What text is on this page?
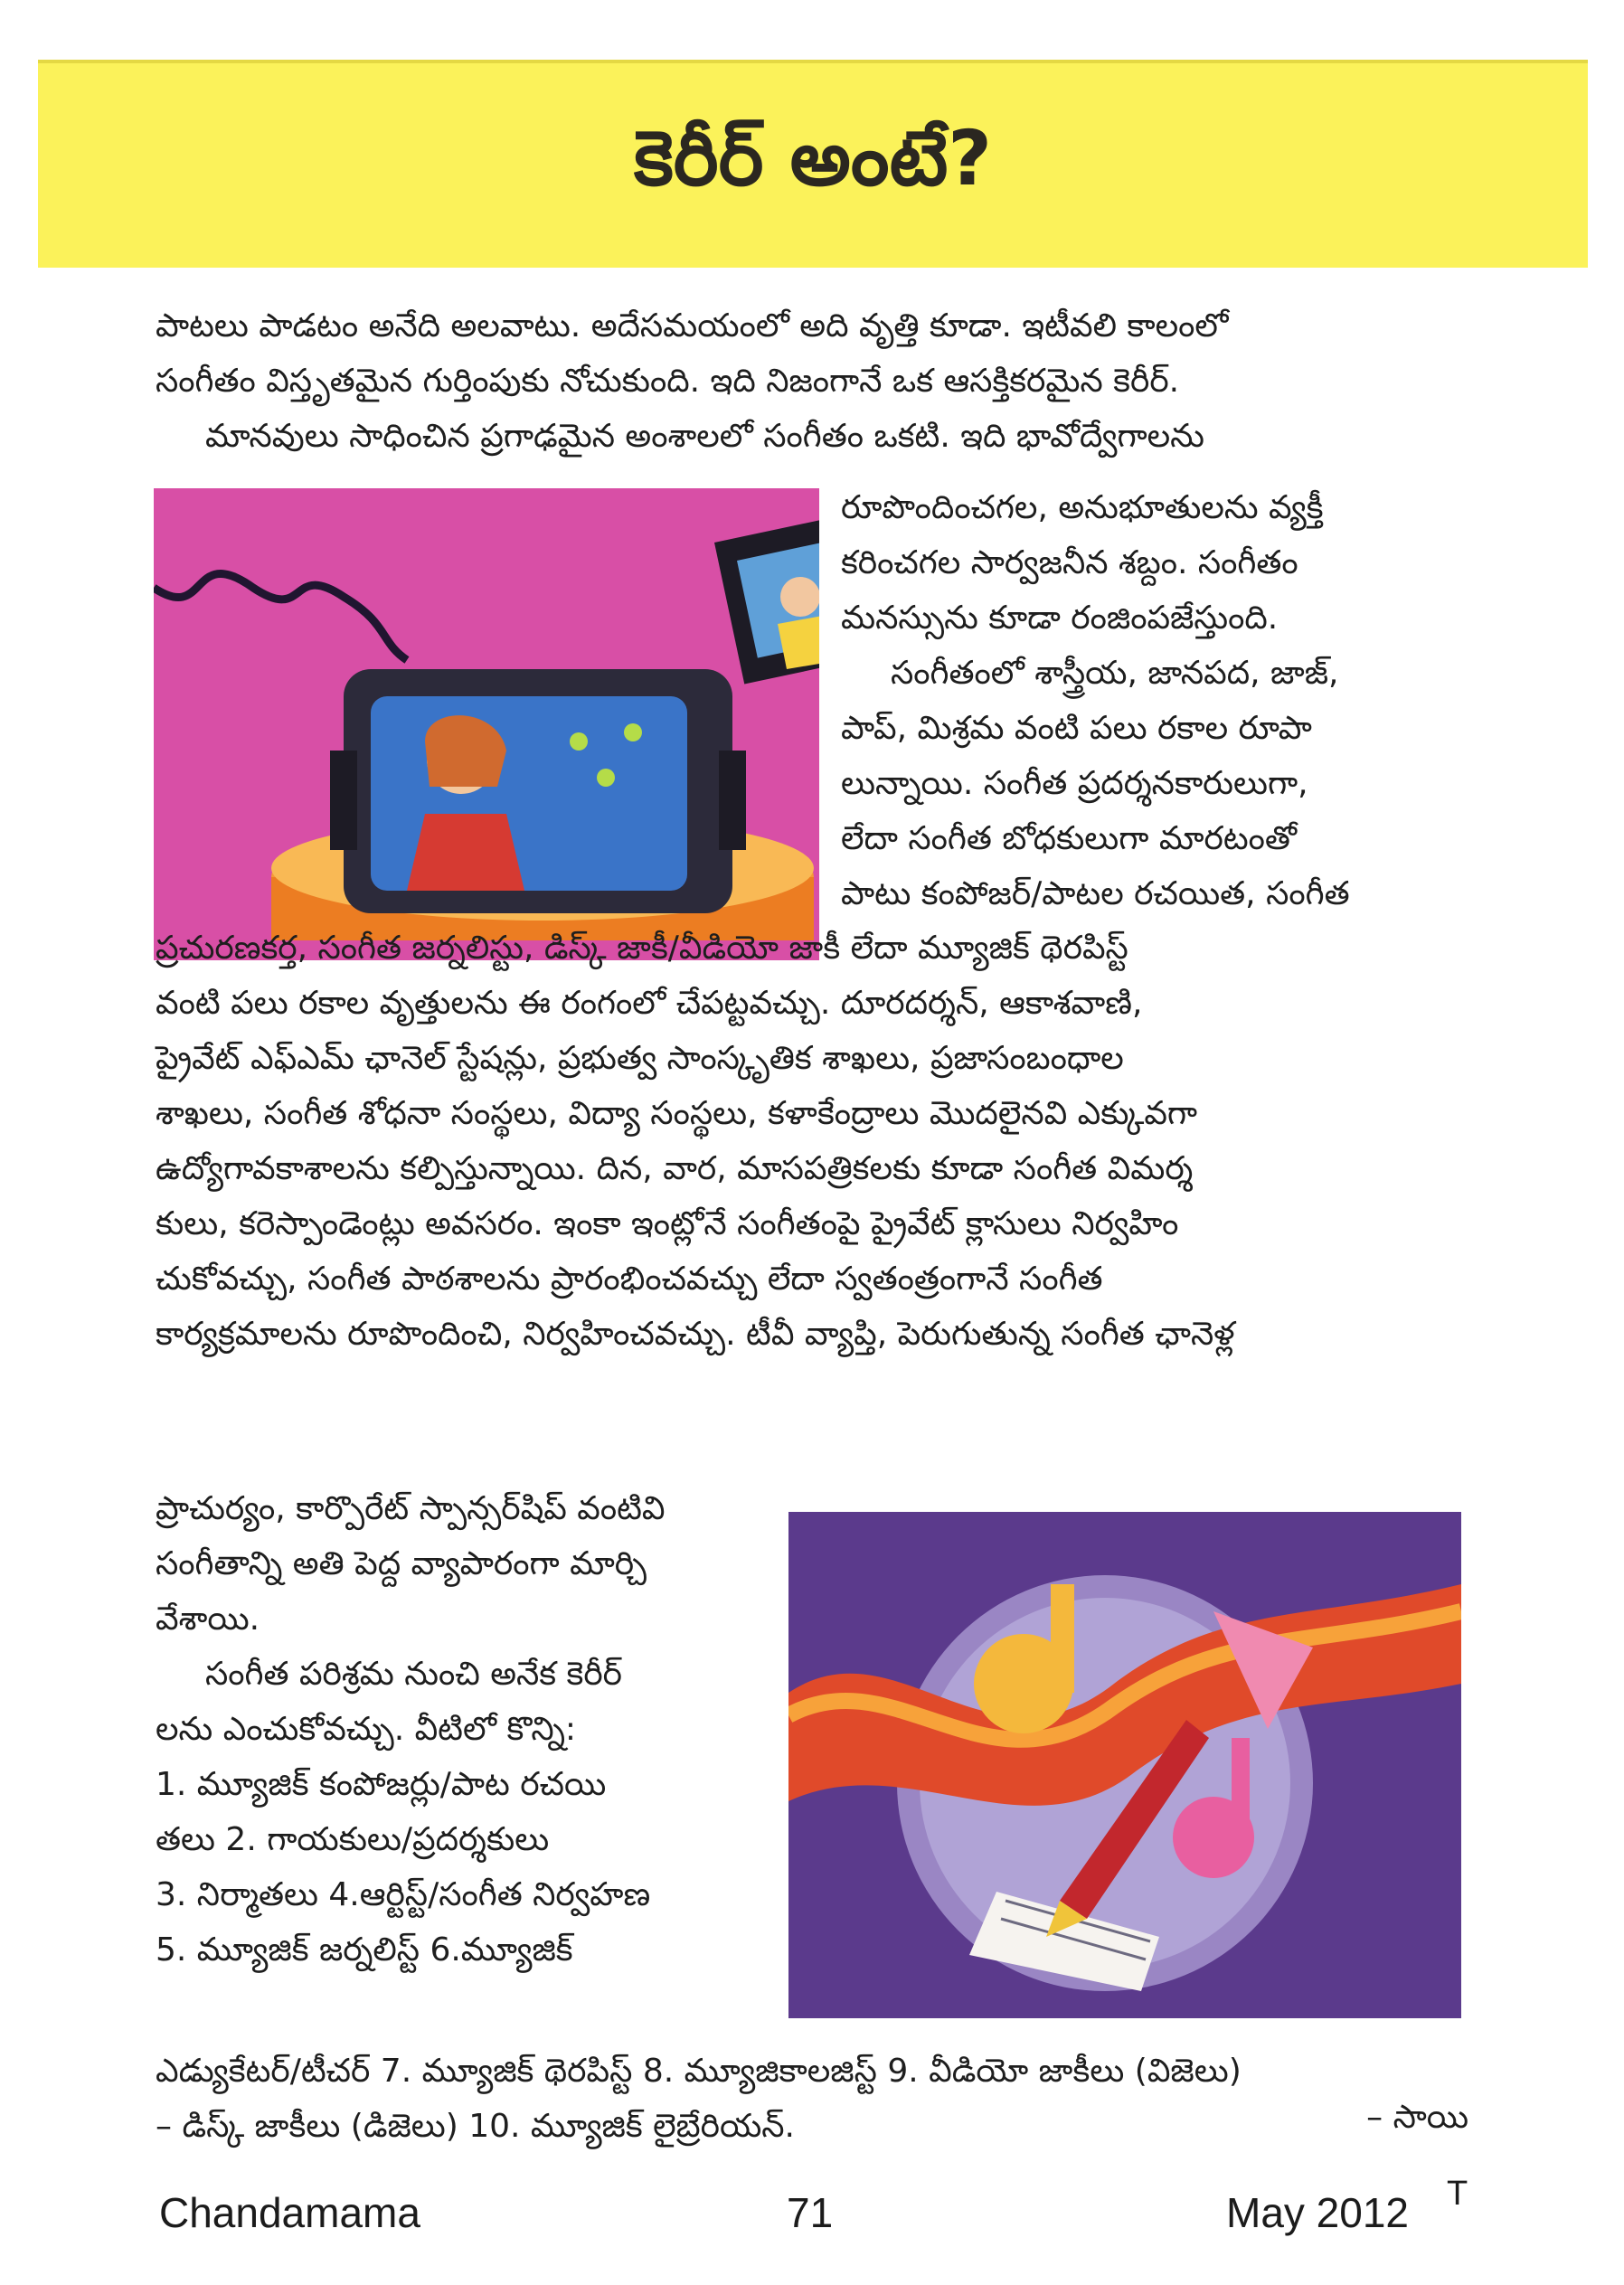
కెరీర్ అంటే?

పాటలు పాడటం అనేది అలవాటు. అదేసమయంలో అది వృత్తి కూడా. ఇటీవలి కాలంలో

సంగీతం విస్తృతమైన గుర్తింపుకు నోచుకుంది. ఇది నిజంగానే ఒక ఆసక్తికరమైన కెరీర్.

మానవులు సాధించిన ప్రగాఢమైన అంశాలలో సంగీతం ఒకటి. ఇది భావోద్వేగాలను

రూపొందించగల, అనుభూతులను వ్యక్తీ

కరించగల సార్వజనీన శబ్దం. సంగీతం

మనస్సును కూడా రంజింపజేస్తుంది.

సంగీతంలో శాస్త్రీయ, జానపద, జాజ్,

పాప్, మిశ్రమ వంటి పలు రకాల రూపా

లున్నాయి. సంగీత ప్రదర్శనకారులుగా,

లేదా సంగీత బోధకులుగా మారటంతో

పాటు కంపోజర్/పాటల రచయిత, సంగీత

ప్రచురణకర్త, సంగీత జర్నలిస్టు, డిస్క్ జాకీ/వీడియో జాకీ లేదా మ్యూజిక్ థెరపిస్ట్

వంటి పలు రకాల వృత్తులను ఈ రంగంలో చేపట్టవచ్చు. దూరదర్శన్, ఆకాశవాణి,

ప్రైవేట్ ఎఫ్ఎమ్ ఛానెల్ స్టేషన్లు, ప్రభుత్వ సాంస్కృతిక శాఖలు, ప్రజాసంబంధాల

శాఖలు, సంగీత శోధనా సంస్థలు, విద్యా సంస్థలు, కళాకేంద్రాలు మొదలైనవి ఎక్కువగా

ఉద్యోగావకాశాలను కల్పిస్తున్నాయి. దిన, వార, మాసపత్రికలకు కూడా సంగీత విమర్శ

కులు, కరెస్పాండెంట్లు అవసరం. ఇంకా ఇంట్లోనే సంగీతంపై ప్రైవేట్ క్లాసులు నిర్వహిం

చుకోవచ్చు, సంగీత పాఠశాలను ప్రారంభించవచ్చు లేదా స్వతంత్రంగానే సంగీత

కార్యక్రమాలను రూపొందించి, నిర్వహించవచ్చు. టీవీ వ్యాప్తి, పెరుగుతున్న సంగీత ఛానెళ్ల

ప్రాచుర్యం, కార్పొరేట్ స్పాన్సర్‌షిప్ వంటివి

సంగీతాన్ని అతి పెద్ద వ్యాపారంగా మార్చి

వేశాయి.

సంగీత పరిశ్రమ నుంచి అనేక కెరీర్

లను ఎంచుకోవచ్చు. వీటిలో కొన్ని:

1. మ్యూజిక్ కంపోజర్లు/పాట రచయి

తలు 2. గాయకులు/ప్రదర్శకులు

3. నిర్మాతలు 4.ఆర్టిస్ట్/సంగీత నిర్వహణ

5. మ్యూజిక్ జర్నలిస్ట్ 6.మ్యూజిక్

ఎడ్యుకేటర్/టీచర్ 7. మ్యూజిక్ థెరపిస్ట్ 8. మ్యూజికాలజిస్ట్ 9. వీడియో జాకీలు (విజెలు)

– డిస్క్ జాకీలు (డిజెలు) 10. మ్యూజిక్ లైబ్రేరియన్.	– సాయి
Chandamama	71	May 2012 T
